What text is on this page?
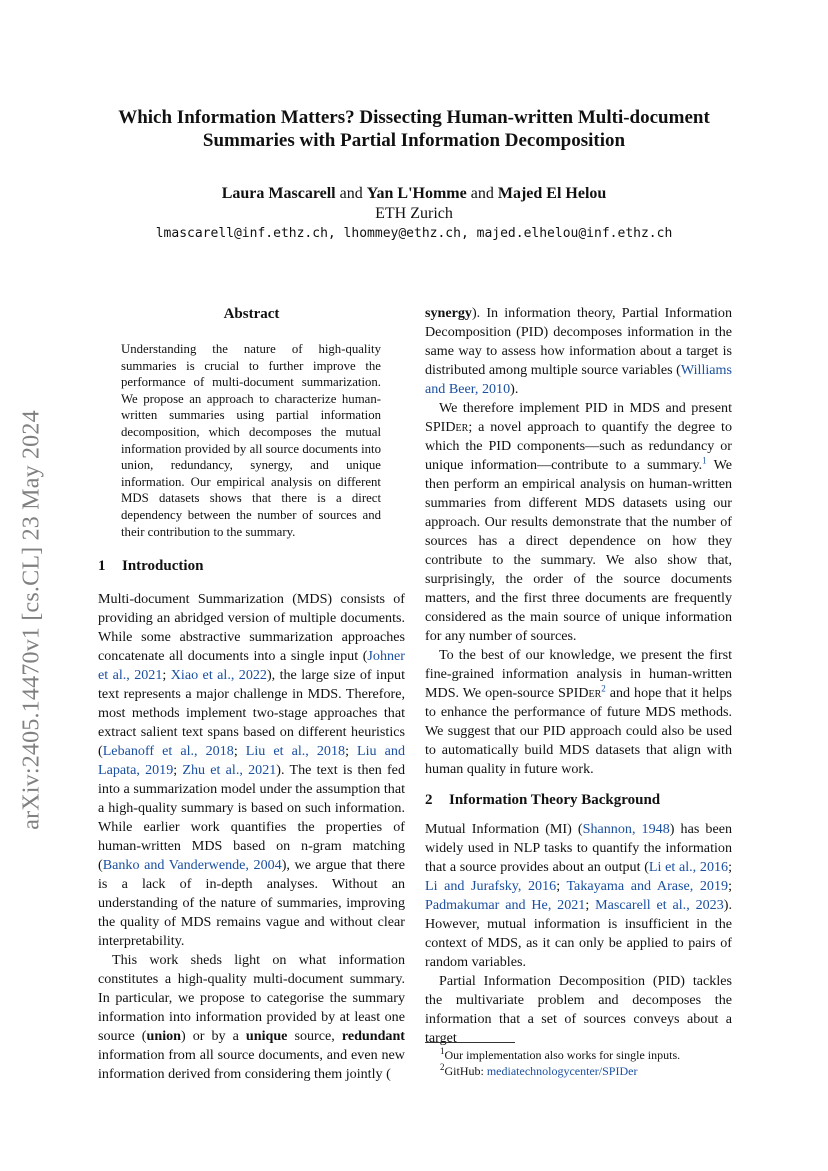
arXiv:2405.14470v1 [cs.CL] 23 May 2024
Which Information Matters? Dissecting Human-written Multi-document
Summaries with Partial Information Decomposition
Laura Mascarell and Yan L'Homme and Majed El Helou
ETH Zurich
lmascarell@inf.ethz.ch, lhommey@ethz.ch, majed.elhelou@inf.ethz.ch
Abstract
Understanding the nature of high-quality summaries is crucial to further improve the performance of multi-document summarization. We propose an approach to characterize human-written summaries using partial information decomposition, which decomposes the mutual information provided by all source documents into union, redundancy, synergy, and unique information. Our empirical analysis on different MDS datasets shows that there is a direct dependency between the number of sources and their contribution to the summary.
1 Introduction

Multi-document Summarization (MDS) consists of providing an abridged version of multiple documents. While some abstractive summarization approaches concatenate all documents into a single input (Johner et al., 2021; Xiao et al., 2022), the large size of input text represents a major challenge in MDS. Therefore, most methods implement two-stage approaches that extract salient text spans based on different heuristics (Lebanoff et al., 2018; Liu et al., 2018; Liu and Lapata, 2019; Zhu et al., 2021). The text is then fed into a summarization model under the assumption that a high-quality summary is based on such information. While earlier work quantifies the properties of human-written MDS based on n-gram matching (Banko and Vanderwende, 2004), we argue that there is a lack of in-depth analyses. Without an understanding of the nature of summaries, improving the quality of MDS remains vague and without clear interpretability.

This work sheds light on what information constitutes a high-quality multi-document summary. In particular, we propose to categorise the summary information into information provided by at least one source (union) or by a unique source, redundant information from all source documents, and even new information derived from considering them jointly (

synergy). In information theory, Partial Information Decomposition (PID) decomposes information in the same way to assess how information about a target is distributed among multiple source variables (Williams and Beer, 2010).

We therefore implement PID in MDS and present SPIDer; a novel approach to quantify the degree to which the PID components—such as redundancy or unique information—contribute to a summary.$^1$ We then perform an empirical analysis on human-written summaries from different MDS datasets using our approach. Our results demonstrate that the number of sources has a direct dependence on how they contribute to the summary. We also show that, surprisingly, the order of the source documents matters, and the first three documents are frequently considered as the main source of unique information for any number of sources.

To the best of our knowledge, we present the first fine-grained information analysis in human-written MDS. We open-source SPIDer$^2$ and hope that it helps to enhance the performance of future MDS methods. We suggest that our PID approach could also be used to automatically build MDS datasets that align with human quality in future work.

2 Information Theory Background

Mutual Information (MI) (Shannon, 1948) has been widely used in NLP tasks to quantify the information that a source provides about an output (Li et al., 2016; Li and Jurafsky, 2016; Takayama and Arase, 2019; Padmakumar and He, 2021; Mascarell et al., 2023). However, mutual information is insufficient in the context of MDS, as it can only be applied to pairs of random variables.

Partial Information Decomposition (PID) tackles the multivariate problem and decomposes the information that a set of sources conveys about a target

$^1$Our implementation also works for single inputs.
$^2$GitHub: mediatechnologycenter/SPIDer
